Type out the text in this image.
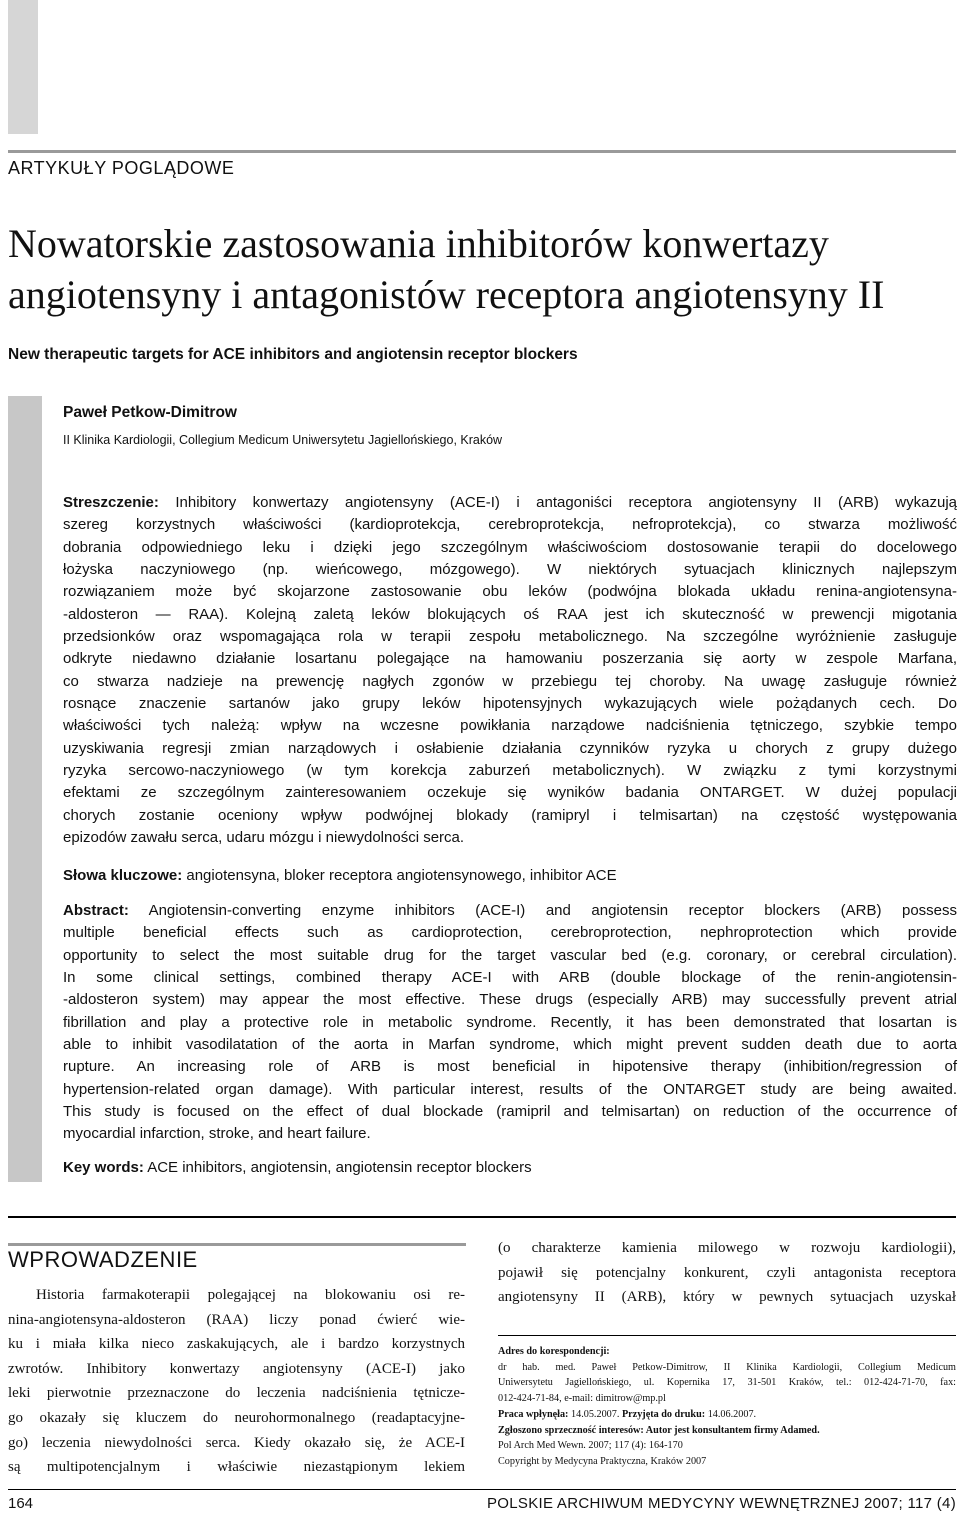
ARTYKUŁY POGLĄDOWE
Nowatorskie zastosowania inhibitorów konwertazy
angiotensyny i antagonistów receptora angiotensyny II
New therapeutic targets for ACE inhibitors and angiotensin receptor blockers
Paweł Petkow-Dimitrow
II Klinika Kardiologii, Collegium Medicum Uniwersytetu Jagiellońskiego, Kraków
Streszczenie: Inhibitory konwertazy angiotensyny (ACE-I) i antagoniści receptora angiotensyny II (ARB) wykazują
szereg korzystnych właściwości (kardioprotekcja, cerebroprotekcja, nefroprotekcja), co stwarza możliwość
dobrania odpowiedniego leku i dzięki jego szczególnym właściwościom dostosowanie terapii do docelowego
łożyska naczyniowego (np. wieńcowego, mózgowego). W niektórych sytuacjach klinicznych najlepszym
rozwiązaniem może być skojarzone zastosowanie obu leków (podwójna blokada układu renina-angiotensyna-
-aldosteron — RAA). Kolejną zaletą leków blokujących oś RAA jest ich skuteczność w prewencji migotania
przedsionków oraz wspomagająca rola w terapii zespołu metabolicznego. Na szczególne wyróżnienie zasługuje
odkryte niedawno działanie losartanu polegające na hamowaniu poszerzania się aorty w zespole Marfana,
co stwarza nadzieje na prewencję nagłych zgonów w przebiegu tej choroby. Na uwagę zasługuje również
rosnące znaczenie sartanów jako grupy leków hipotensyjnych wykazujących wiele pożądanych cech. Do
właściwości tych należą: wpływ na wczesne powikłania narządowe nadciśnienia tętniczego, szybkie tempo
uzyskiwania regresji zmian narządowych i osłabienie działania czynników ryzyka u chorych z grupy dużego
ryzyka sercowo-naczyniowego (w tym korekcja zaburzeń metabolicznych). W związku z tymi korzystnymi
efektami ze szczególnym zainteresowaniem oczekuje się wyników badania ONTARGET. W dużej populacji
chorych zostanie oceniony wpływ podwójnej blokady (ramipryl i telmisartan) na częstość występowania
epizodów zawału serca, udaru mózgu i niewydolności serca.
Słowa kluczowe: angiotensyna, bloker receptora angiotensynowego, inhibitor ACE
Abstract: Angiotensin-converting enzyme inhibitors (ACE-I) and angiotensin receptor blockers (ARB) possess
multiple beneficial effects such as cardioprotection, cerebroprotection, nephroprotection which provide
opportunity to select the most suitable drug for the target vascular bed (e.g. coronary, or cerebral circulation).
In some clinical settings, combined therapy ACE-I with ARB (double blockage of the renin-angiotensin-
-aldosteron system) may appear the most effective. These drugs (especially ARB) may successfully prevent atrial
fibrillation and play a protective role in metabolic syndrome. Recently, it has been demonstrated that losartan is
able to inhibit vasodilatation of the aorta in Marfan syndrome, which might prevent sudden death due to aorta
rupture. An increasing role of ARB is most beneficial in hipotensive therapy (inhibition/regression of
hypertension-related organ damage). With particular interest, results of the ONTARGET study are being awaited.
This study is focused on the effect of dual blockade (ramipril and telmisartan) on reduction of the occurrence of
myocardial infarction, stroke, and heart failure.
Key words: ACE inhibitors, angiotensin, angiotensin receptor blockers
WPROWADZENIE
Historia farmakoterapii polegającej na blokowaniu osi re-
nina-angiotensyna-aldosteron (RAA) liczy ponad ćwierć wie-
ku i miała kilka nieco zaskakujących, ale i bardzo korzystnych
zwrotów. Inhibitory konwertazy angiotensyny (ACE-I) jako
leki pierwotnie przeznaczone do leczenia nadciśnienia tętnicze-
go okazały się kluczem do neurohormonalnego (readaptacyjne-
go) leczenia niewydolności serca. Kiedy okazało się, że ACE-I
są multipotencjalnym i właściwie niezastąpionym lekiem
(o charakterze kamienia milowego w rozwoju kardiologii),
pojawił się potencjalny konkurent, czyli antagonista receptora
angiotensyny II (ARB), który w pewnych sytuacjach uzyskał
Adres do korespondencji:
dr hab. med. Paweł Petkow-Dimitrow, II Klinika Kardiologii, Collegium Medicum
Uniwersytetu Jagiellońskiego, ul. Kopernika 17, 31-501 Kraków, tel.: 012-424-71-70, fax:
012-424-71-84, e-mail: dimitrow@mp.pl
Praca wpłynęła: 14.05.2007. Przyjęta do druku: 14.06.2007.
Zgłoszono sprzeczność interesów: Autor jest konsultantem firmy Adamed.
Pol Arch Med Wewn. 2007; 117 (4): 164-170
Copyright by Medycyna Praktyczna, Kraków 2007
164	POLSKIE ARCHIWUM MEDYCYNY WEWNĘTRZNEJ 2007; 117 (4)
